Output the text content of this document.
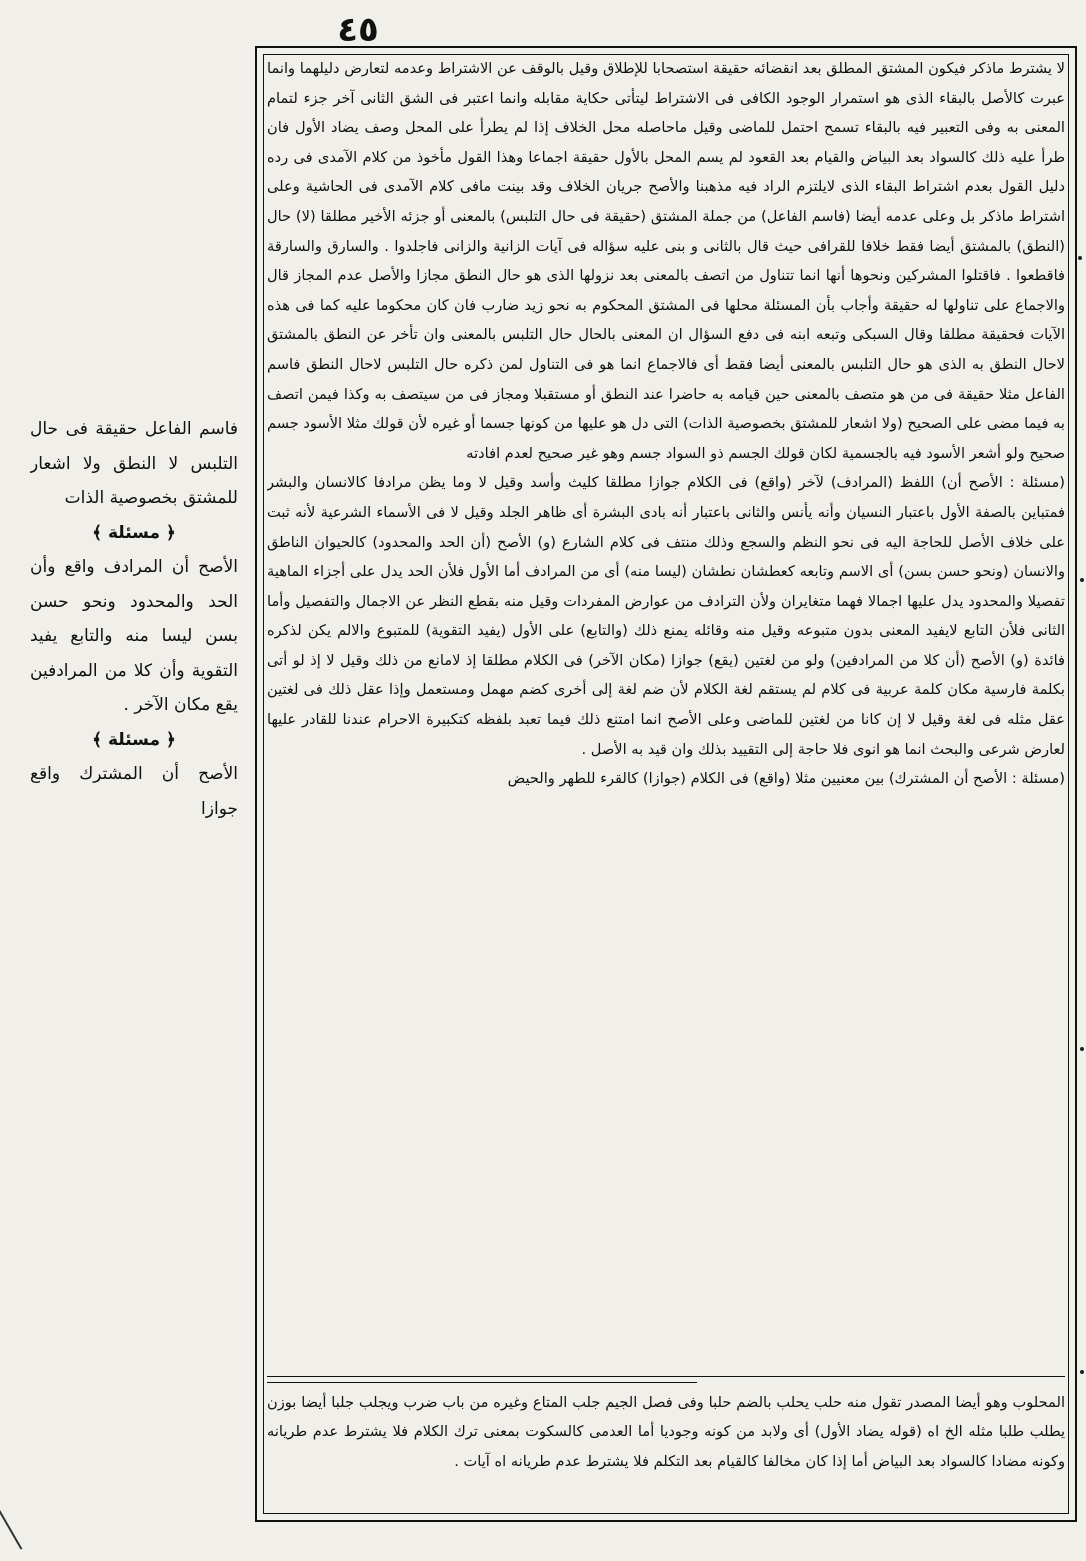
٤٥

فاسم الفاعل حقيقة فى حال التلبس لا النطق ولا اشعار للمشتق بخصوصية الذات

﴿ مسئلة ﴾

الأصح أن المرادف واقع وأن الحد والمحدود ونحو حسن بسن ليسا منه والتابع يفيد التقوية وأن كلا من المرادفين يقع مكان الآخر .

﴿ مسئلة ﴾

الأصح أن المشترك واقع جوازا

لا يشترط ماذكر فيكون المشتق المطلق بعد انقضائه حقيقة استصحابا للإطلاق وقيل بالوقف عن الاشتراط وعدمه لتعارض دليلهما وانما عبرت كالأصل بالبقاء الذى هو استمرار الوجود الكافى فى الاشتراط ليتأتى حكاية مقابله وانما اعتبر فى الشق الثانى آخر جزء لتمام المعنى به وفى التعبير فيه بالبقاء تسمح احتمل للماضى وقيل ماحاصله محل الخلاف إذا لم يطرأ على المحل وصف يضاد الأول فان طرأ عليه ذلك كالسواد بعد البياض والقيام بعد القعود لم يسم المحل بالأول حقيقة اجماعا وهذا القول مأخوذ من كلام الآمدى فى رده دليل القول بعدم اشتراط البقاء الذى لايلتزم الراد فيه مذهبنا والأصح جريان الخلاف وقد بينت مافى كلام الآمدى فى الحاشية وعلى اشتراط ماذكر بل وعلى عدمه أيضا (فاسم الفاعل) من جملة المشتق (حقيقة فى حال التلبس) بالمعنى أو جزئه الأخير مطلقا (لا) حال (النطق) بالمشتق أيضا فقط خلافا للقرافى حيث قال بالثانى و بنى عليه سؤاله فى آيات الزانية والزانى فاجلدوا . والسارق والسارقة فاقطعوا . فاقتلوا المشركين ونحوها أنها انما تتناول من اتصف بالمعنى بعد نزولها الذى هو حال النطق مجازا والأصل عدم المجاز قال والاجماع على تناولها له حقيقة وأجاب بأن المسئلة محلها فى المشتق المحكوم به نحو زيد ضارب فان كان محكوما عليه كما فى هذه الآيات فحقيقة مطلقا وقال السبكى وتبعه ابنه فى دفع السؤال ان المعنى بالحال حال التلبس بالمعنى وان تأخر عن النطق بالمشتق لاحال النطق به الذى هو حال التلبس بالمعنى أيضا فقط أى فالاجماع انما هو فى التناول لمن ذكره حال التلبس لاحال النطق فاسم الفاعل مثلا حقيقة فى من هو متصف بالمعنى حين قيامه به حاضرا عند النطق أو مستقبلا ومجاز فى من سيتصف به وكذا فيمن اتصف به فيما مضى على الصحيح (ولا اشعار للمشتق بخصوصية الذات) التى دل هو عليها من كونها جسما أو غيره لأن قولك مثلا الأسود جسم صحيح ولو أشعر الأسود فيه بالجسمية لكان قولك الجسم ذو السواد جسم وهو غير صحيح لعدم افادته

(مسئلة : الأصح أن) اللفظ (المرادف) لآخر (واقع) فى الكلام جوازا مطلقا كليث وأسد وقيل لا وما يظن مرادفا كالانسان والبشر فمتباين بالصفة الأول باعتبار النسيان وأنه يأنس والثانى باعتبار أنه بادى البشرة أى ظاهر الجلد وقيل لا فى الأسماء الشرعية لأنه ثبت على خلاف الأصل للحاجة اليه فى نحو النظم والسجع وذلك منتف فى كلام الشارع (و) الأصح (أن الحد والمحدود) كالحيوان الناطق والانسان (ونحو حسن بسن) أى الاسم وتابعه كعطشان نطشان (ليسا منه) أى من المرادف أما الأول فلأن الحد يدل على أجزاء الماهية تفصيلا والمحدود يدل عليها اجمالا فهما متغايران ولأن الترادف من عوارض المفردات وقيل منه بقطع النظر عن الاجمال والتفصيل وأما الثانى فلأن التابع لايفيد المعنى بدون متبوعه وقيل منه وقائله يمنع ذلك (والتابع) على الأول (يفيد التقوية) للمتبوع والالم يكن لذكره فائدة (و) الأصح (أن كلا من المرادفين) ولو من لغتين (يقع) جوازا (مكان الآخر) فى الكلام مطلقا إذ لامانع من ذلك وقيل لا إذ لو أتى بكلمة فارسية مكان كلمة عربية فى كلام لم يستقم لغة الكلام لأن ضم لغة إلى أخرى كضم مهمل ومستعمل وإذا عقل ذلك فى لغتين عقل مثله فى لغة وقيل لا إن كانا من لغتين للماضى وعلى الأصح انما امتنع ذلك فيما تعبد بلفظه كتكبيرة الاحرام عندنا للقادر عليها لعارض شرعى والبحث انما هو انوى فلا حاجة إلى التقييد بذلك وان قيد به الأصل .

(مسئلة : الأصح أن المشترك) بين معنيين مثلا (واقع) فى الكلام (جوازا) كالقرء للطهر والحيض

المحلوب وهو أيضا المصدر تقول منه حلب يحلب بالضم حلبا وفى فصل الجيم جلب المتاع وغيره من باب ضرب ويجلب جلبا أيضا بوزن يطلب طلبا مثله الخ اه (قوله يضاد الأول) أى ولابد من كونه وجوديا أما العدمى كالسكوت بمعنى ترك الكلام فلا يشترط عدم طريانه وكونه مضادا كالسواد بعد البياض أما إذا كان مخالفا كالقيام بعد التكلم فلا يشترط عدم طريانه اه آيات .
